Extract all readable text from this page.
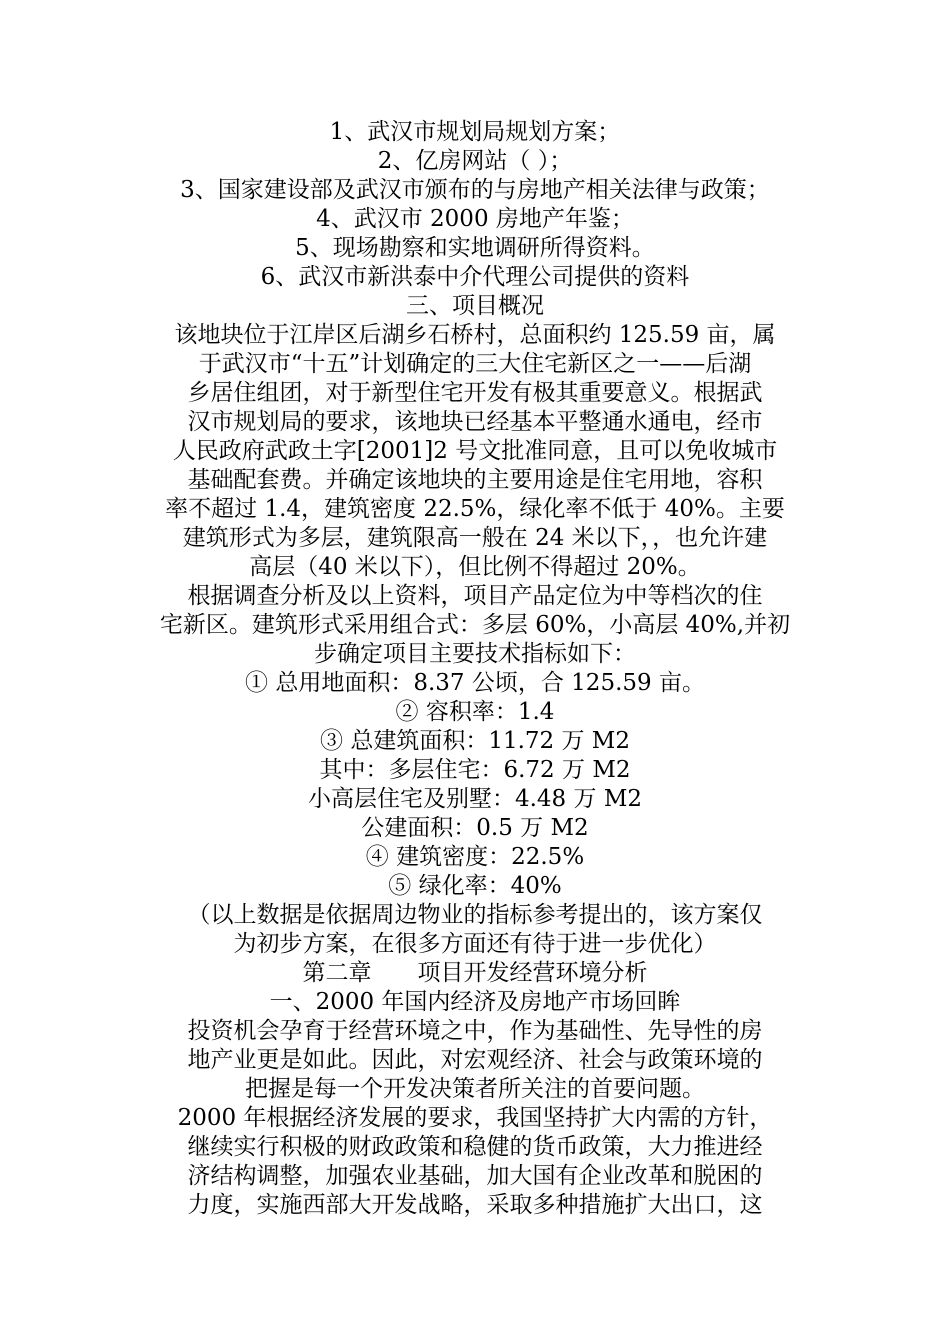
1、武汉市规划局规划方案；
2、亿房网站（ ）；
3、国家建设部及武汉市颁布的与房地产相关法律与政策；
4、武汉市 2000 房地产年鉴；
5、现场勘察和实地调研所得资料。
6、武汉市新洪泰中介代理公司提供的资料
三、项目概况
该地块位于江岸区后湖乡石桥村，总面积约 125.59 亩，属
于武汉市“十五”计划确定的三大住宅新区之一——后湖
乡居住组团，对于新型住宅开发有极其重要意义。根据武
汉市规划局的要求，该地块已经基本平整通水通电，经市
人民政府武政土字[2001]2 号文批准同意，且可以免收城市
基础配套费。并确定该地块的主要用途是住宅用地，容积
率不超过 1.4，建筑密度 22.5%，绿化率不低于 40%。主要
建筑形式为多层，建筑限高一般在 24 米以下，，也允许建
高层（40 米以下），但比例不得超过 20%。
根据调查分析及以上资料，项目产品定位为中等档次的住
宅新区。建筑形式采用组合式：多层 60%，小高层 40%,并初
步确定项目主要技术指标如下：
① 总用地面积：8.37 公顷，合 125.59 亩。
② 容积率：1.4
③ 总建筑面积：11.72 万 M2
其中：多层住宅：6.72 万 M2
小高层住宅及别墅：4.48 万 M2
公建面积：0.5 万 M2
④ 建筑密度：22.5%
⑤ 绿化率：40%
（以上数据是依据周边物业的指标参考提出的，该方案仅
为初步方案，在很多方面还有待于进一步优化）
第二章　　项目开发经营环境分析
一、2000 年国内经济及房地产市场回眸
投资机会孕育于经营环境之中，作为基础性、先导性的房
地产业更是如此。因此，对宏观经济、社会与政策环境的
把握是每一个开发决策者所关注的首要问题。
2000 年根据经济发展的要求，我国坚持扩大内需的方针，
继续实行积极的财政政策和稳健的货币政策，大力推进经
济结构调整，加强农业基础，加大国有企业改革和脱困的
力度，实施西部大开发战略，采取多种措施扩大出口，这
